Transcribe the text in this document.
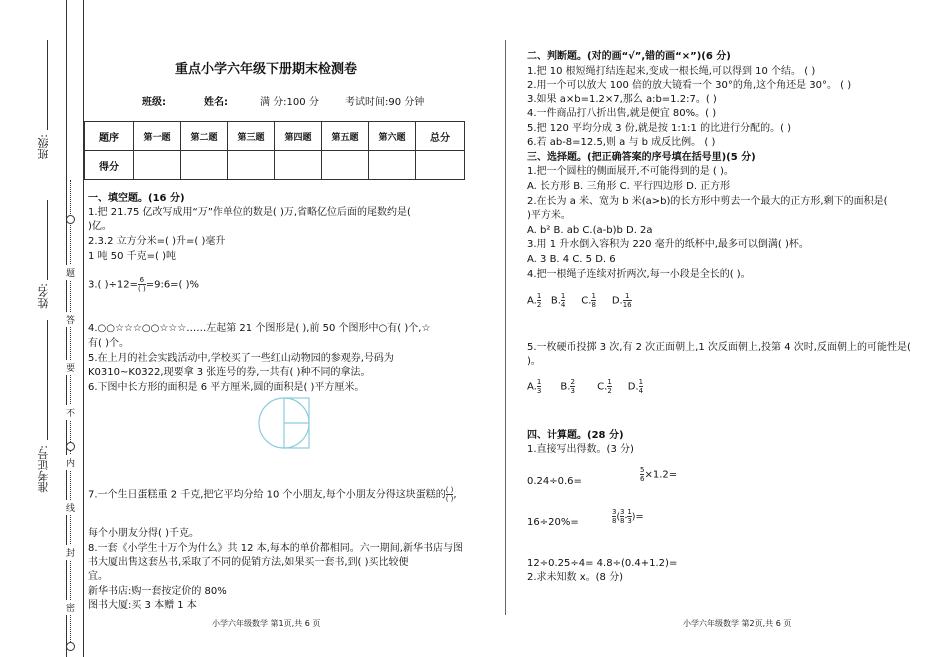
班级:
姓名:
准考证号:
密
封
线
内
不
要
答
题
重点小学六年级下册期末检测卷
班级:	姓名:	满 分:100 分	考试时间:90 分钟
题序	第一题	第二题	第三题	第四题	第五题	第六题	总分
得分							
一、填空题。(16 分)
1.把 21.75 亿改写成用“万”作单位的数是( )万,省略亿位后面的尾数约是(
)亿。
2.3.2 立方分米=( )升=( )毫升
1 吨 50 千克=( )吨
3.( )$\div 12= \frac{6}{( )}$ =9:6=( )%
4.○○☆☆☆○○☆☆☆……左起第 21 个图形是( ),前 50 个图形中○有( )个,☆
有( )个。
5.在上月的社会实践活动中,学校买了一些红山动物园的参观券,号码为
K0310~K0322,现要拿 3 张连号的券,一共有( )种不同的拿法。
6.下图中长方形的面积是 6 平方厘米,圆的面积是( )平方厘米。
7.一个生日蛋糕重 2 千克,把它平均分给 10 个小朋友,每个小朋友分得这块蛋糕的 $\frac{( )}{( )}$ ,
每个小朋友分得( )千克。
8.一套《小学生十万个为什么》共 12 本,每本的单价都相同。六一期间,新华书店与图
书大厦出售这套丛书,采取了不同的促销方法,如果买一套书,到( )买比较便
宜。
新华书店:购一套按定价的 80%
图书大厦:买 3 本赠 1 本
小学六年级数学 第1页,共 6 页
二、判断题。(对的画“√”,错的画“×”)(6 分)
1.把 10 根短绳打结连起来,变成一根长绳,可以得到 10 个结。 ( )
2.用一个可以放大 100 倍的放大镜看一个 30°的角,这个角还是 30°。 ( )
3.如果 a×b=1.2×7,那么 a:b=1.2:7。( )
4.一件商品打八折出售,就是便宜 80%。( )
5.把 120 平均分成 3 份,就是按 1:1:1 的比进行分配的。( )
6.若 ab-8=12.5,则 a 与 b 成反比例。 ( )
三、选择题。(把正确答案的序号填在括号里)(5 分)
1.把一个圆柱的侧面展开,不可能得到的是 ( )。
A. 长方形 B. 三角形 C. 平行四边形 D. 正方形
2.在长为 a 米、宽为 b 米(a>b)的长方形中剪去一个最大的正方形,剩下的面积是(
)平方米。
A. b² B. ab C.(a-b)b D. 2a
3.用 1 升水倒入容积为 220 毫升的纸杯中,最多可以倒满( )杯。
A. 3 B. 4 C. 5 D. 6
4.把一根绳子连续对折两次,每一小段是全长的( )。
A. $\frac{1}{2} B$. $\frac{1}{4} C$. $\frac{1}{8} D$. $\frac{1}{16}$
5.一枚硬币投掷 3 次,有 2 次正面朝上,1 次反面朝上,投第 4 次时,反面朝上的可能性是(
)。
A. $\frac{1}{3} B$. $\frac{2}{3} C$. $\frac{1}{2} D$. $\frac{1}{4}$
四、计算题。(28 分)
1.直接写出得数。(3 分)
0.24÷0.6=	$\frac{5}{6} \times 1.2=$
16÷20%=	$\frac{3}{8}$ ( $\frac{3}{8} - \frac{1}{3}$ )=
12÷0.25÷4= 4.8÷(0.4+1.2)=
2.求未知数 x。(8 分)
小学六年级数学 第2页,共 6 页
